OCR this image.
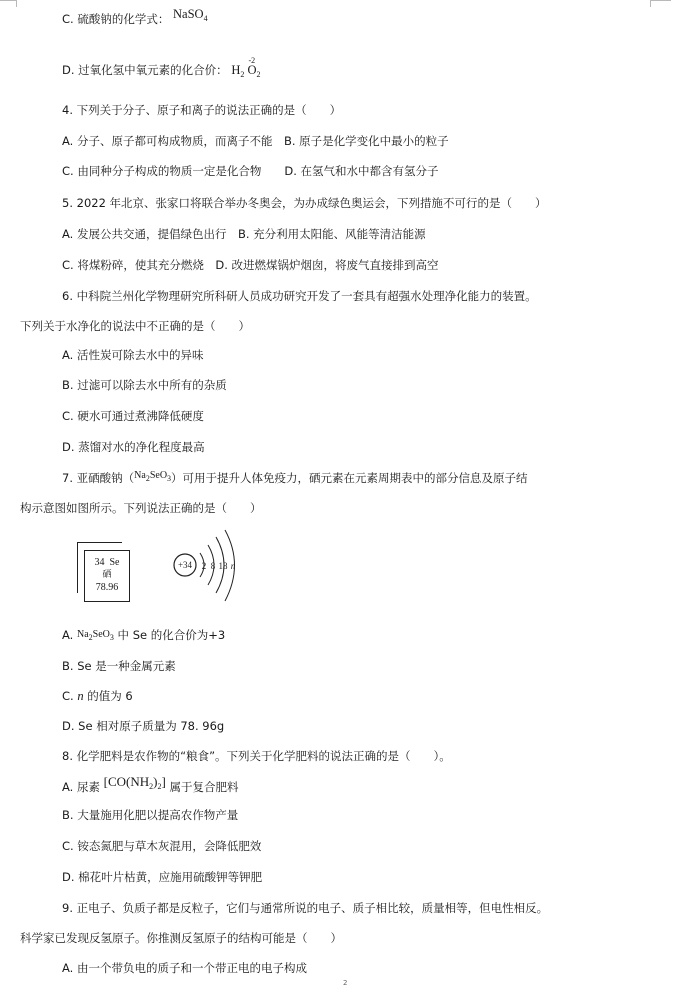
C. 硫酸钠的化学式： NaSO$_4$
D. 过氧化氢中氧元素的化合价： $H_2$
-2
$O_2$
4. 下列关于分子、原子和离子的说法正确的是（　　）
A. 分子、原子都可构成物质，而离子不能　B. 原子是化学变化中最小的粒子
C. 由同种分子构成的物质一定是化合物　　D. 在氢气和水中都含有氢分子
5. 2022 年北京、张家口将联合举办冬奥会，为办成绿色奥运会，下列措施不可行的是（　　）
A. 发展公共交通，提倡绿色出行　B. 充分利用太阳能、风能等清洁能源
C. 将煤粉碎，使其充分燃烧　D. 改进燃煤锅炉烟囱，将废气直接排到高空
6. 中科院兰州化学物理研究所科研人员成功研究开发了一套具有超强水处理净化能力的装置。
下列关于水净化的说法中不正确的是（　　）
A. 活性炭可除去水中的异味
B. 过滤可以除去水中所有的杂质
C. 硬水可通过煮沸降低硬度
D. 蒸馏对水的净化程度最高
7. 亚硒酸钠$(Na_2SeO_3)$可用于提升人体免疫力，硒元素在元素周期表中的部分信息及原子结
构示意图如图所示。下列说法正确的是（　　）
34 Se
硒
78.96
+34 2 8 18 n
A. $Na_2SeO_3$ 中 Se 的化合价为+3
B. Se 是一种金属元素
C. n 的值为 6
D. Se 相对原子质量为 78. 96g
8. 化学肥料是农作物的“粮食”。下列关于化学肥料的说法正确的是（　　）。
A. 尿素 $[CO(NH_2)_2]$ 属于复合肥料
B. 大量施用化肥以提高农作物产量
C. 铵态氮肥与草木灰混用，会降低肥效
D. 棉花叶片枯黄，应施用硫酸钾等钾肥
9. 正电子、负质子都是反粒子，它们与通常所说的电子、质子相比较，质量相等，但电性相反。
科学家已发现反氢原子。你推测反氢原子的结构可能是（　　）
A. 由一个带负电的质子和一个带正电的电子构成
2
